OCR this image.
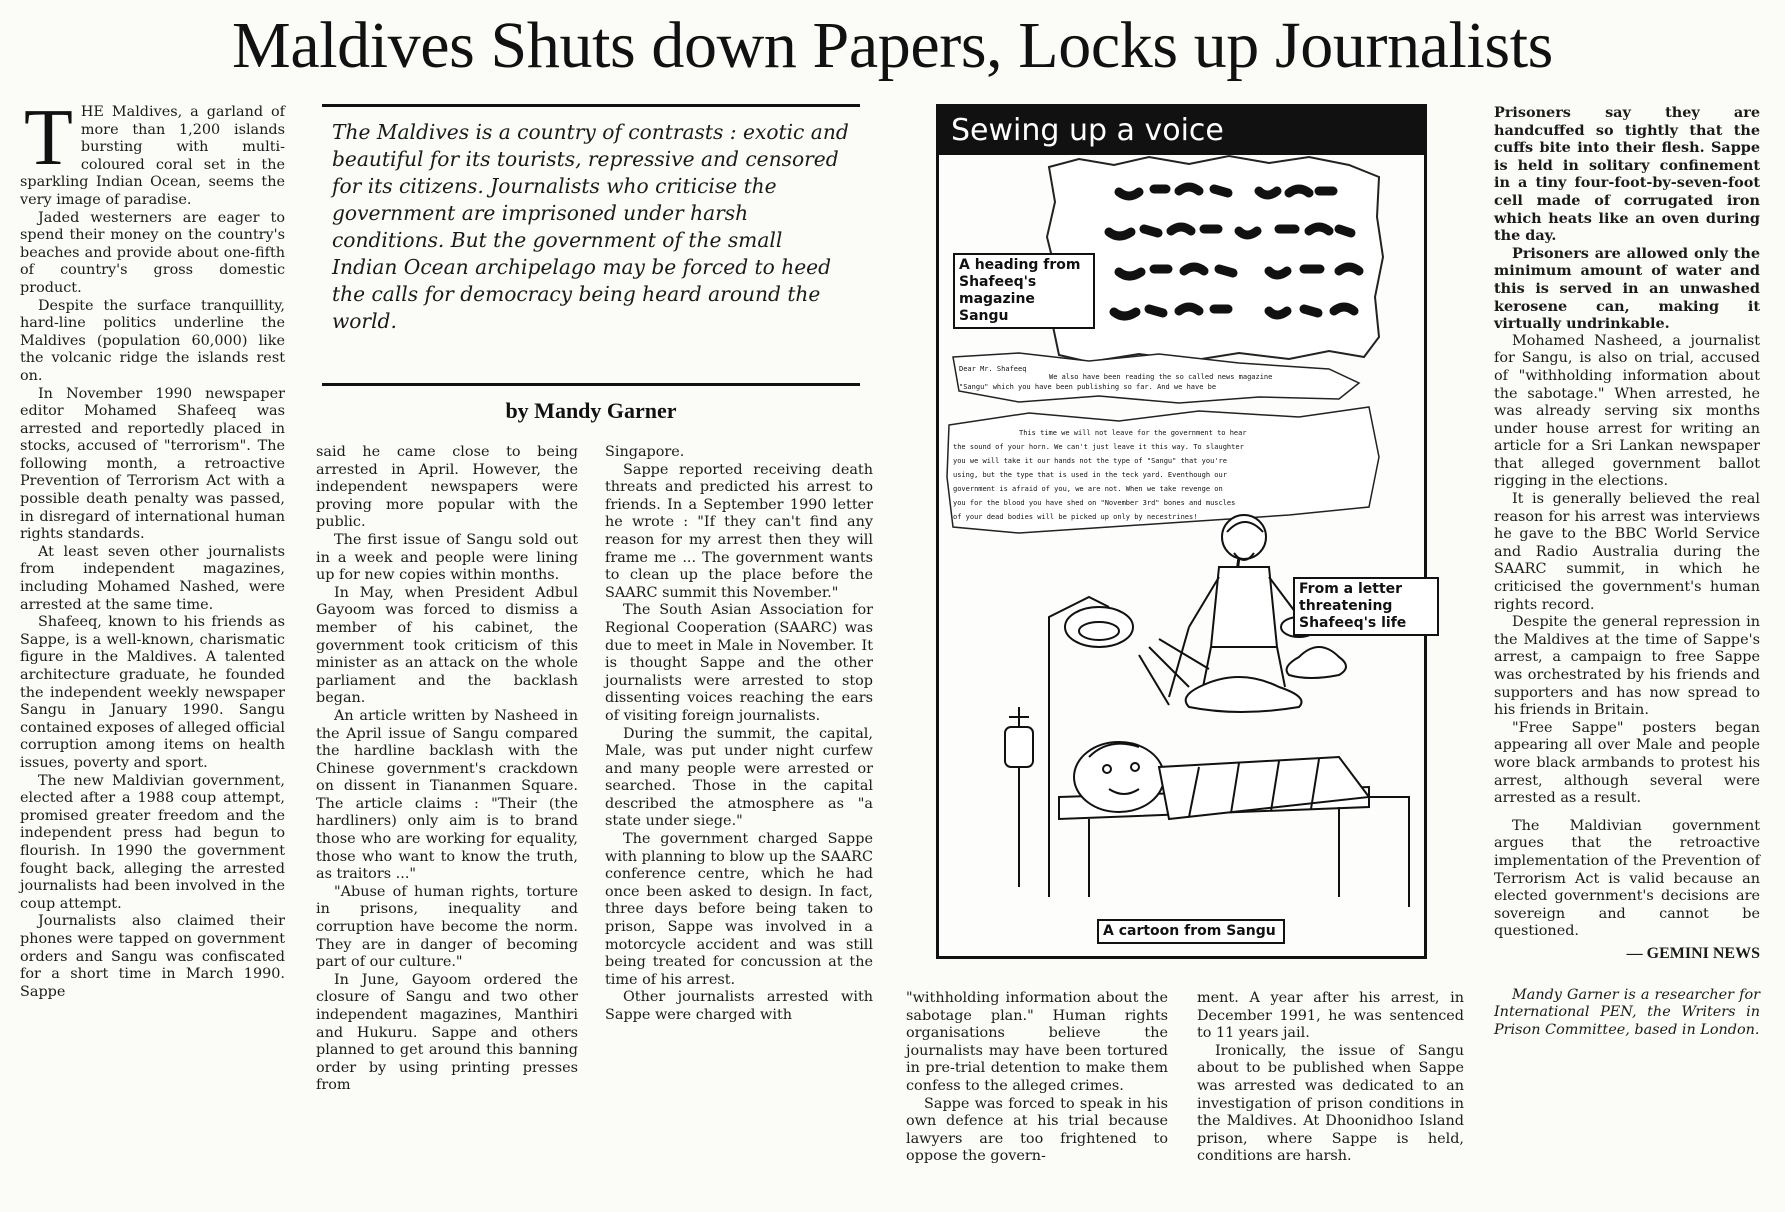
Maldives Shuts down Papers, Locks up Journalists

THE Maldives, a garland of more than 1,200 islands bursting with multi-coloured coral set in the sparkling Indian Ocean, seems the very image of paradise.

Jaded westerners are eager to spend their money on the country's beaches and provide about one-fifth of country's gross domestic product.

Despite the surface tranquillity, hard-line politics underline the Maldives (population 60,000) like the volcanic ridge the islands rest on.

In November 1990 newspaper editor Mohamed Shafeeq was arrested and reportedly placed in stocks, accused of "terrorism". The following month, a retroactive Prevention of Terrorism Act with a possible death penalty was passed, in disregard of international human rights standards.

At least seven other journalists from independent magazines, including Mohamed Nashed, were arrested at the same time.

Shafeeq, known to his friends as Sappe, is a well-known, charismatic figure in the Maldives. A talented architecture graduate, he founded the independent weekly newspaper Sangu in January 1990. Sangu contained exposes of alleged official corruption among items on health issues, poverty and sport.

The new Maldivian government, elected after a 1988 coup attempt, promised greater freedom and the independent press had begun to flourish. In 1990 the government fought back, alleging the arrested journalists had been involved in the coup attempt.

Journalists also claimed their phones were tapped on government orders and Sangu was confiscated for a short time in March 1990. Sappe

The Maldives is a country of contrasts : exotic and beautiful for its tourists, repressive and censored for its citizens. Journalists who criticise the government are imprisoned under harsh conditions. But the government of the small Indian Ocean archipelago may be forced to heed the calls for democracy being heard around the world.
by Mandy Garner

said he came close to being arrested in April. However, the independent newspapers were proving more popular with the public.

The first issue of Sangu sold out in a week and people were lining up for new copies within months.

In May, when President Adbul Gayoom was forced to dismiss a member of his cabinet, the government took criticism of this minister as an attack on the whole parliament and the backlash began.

An article written by Nasheed in the April issue of Sangu compared the hardline backlash with the Chinese government's crackdown on dissent in Tiananmen Square. The article claims : "Their (the hardliners) only aim is to brand those who are working for equality, those who want to know the truth, as traitors ..."

"Abuse of human rights, torture in prisons, inequality and corruption have become the norm. They are in danger of becoming part of our culture."

In June, Gayoom ordered the closure of Sangu and two other independent magazines, Manthiri and Hukuru. Sappe and others planned to get around this banning order by using printing presses from

Singapore.

Sappe reported receiving death threats and predicted his arrest to friends. In a September 1990 letter he wrote : "If they can't find any reason for my arrest then they will frame me ... The government wants to clean up the place before the SAARC summit this November."

The South Asian Association for Regional Cooperation (SAARC) was due to meet in Male in November. It is thought Sappe and the other journalists were arrested to stop dissenting voices reaching the ears of visiting foreign journalists.

During the summit, the capital, Male, was put under night curfew and many people were arrested or searched. Those in the capital described the atmosphere as "a state under siege."

The government charged Sappe with planning to blow up the SAARC conference centre, which he had once been asked to design. In fact, three days before being taken to prison, Sappe was involved in a motorcycle accident and was still being treated for concussion at the time of his arrest.

Other journalists arrested with Sappe were charged with

Dear Mr. Shafeeq
We also have been reading the so called news magazine
"Sangu" which you have been publishing so far. And we have be
This time we will not leave for the government to hear
the sound of your horn. We can't just leave it this way. To slaughter
you we will take it our hands not the type of "Sangu" that you're
using, but the type that is used in the teck yard. Eventhough our
government is afraid of you, we are not. When we take revenge on
you for the blood you have shed on "November 3rd" bones and muscles
of your dead bodies will be picked up only by necestrines!
Sewing up a voice
A heading from Shafeeq's magazine Sangu
From a letter threatening Shafeeq's life
A cartoon from Sangu

"withholding information about the sabotage plan." Human rights organisations believe the journalists may have been tortured in pre-trial detention to make them confess to the alleged crimes.

Sappe was forced to speak in his own defence at his trial because lawyers are too frightened to oppose the govern-

ment. A year after his arrest, in December 1991, he was sentenced to 11 years jail.

Ironically, the issue of Sangu about to be published when Sappe was arrested was dedicated to an investigation of prison conditions in the Maldives. At Dhoonidhoo Island prison, where Sappe is held, conditions are harsh.

Prisoners say they are handcuffed so tightly that the cuffs bite into their flesh. Sappe is held in solitary confinement in a tiny four-foot-by-seven-foot cell made of corrugated iron which heats like an oven during the day.

Prisoners are allowed only the minimum amount of water and this is served in an unwashed kerosene can, making it virtually undrinkable.

Mohamed Nasheed, a journalist for Sangu, is also on trial, accused of "withholding information about the sabotage." When arrested, he was already serving six months under house arrest for writing an article for a Sri Lankan newspaper that alleged government ballot rigging in the elections.

It is generally believed the real reason for his arrest was interviews he gave to the BBC World Service and Radio Australia during the SAARC summit, in which he criticised the government's human rights record.

Despite the general repression in the Maldives at the time of Sappe's arrest, a campaign to free Sappe was orchestrated by his friends and supporters and has now spread to his friends in Britain.

"Free Sappe" posters began appearing all over Male and people wore black armbands to protest his arrest, although several were arrested as a result.

The Maldivian government argues that the retroactive implementation of the Prevention of Terrorism Act is valid because an elected government's decisions are sovereign and cannot be questioned.

— GEMINI NEWS

Mandy Garner is a researcher for International PEN, the Writers in Prison Committee, based in London.
